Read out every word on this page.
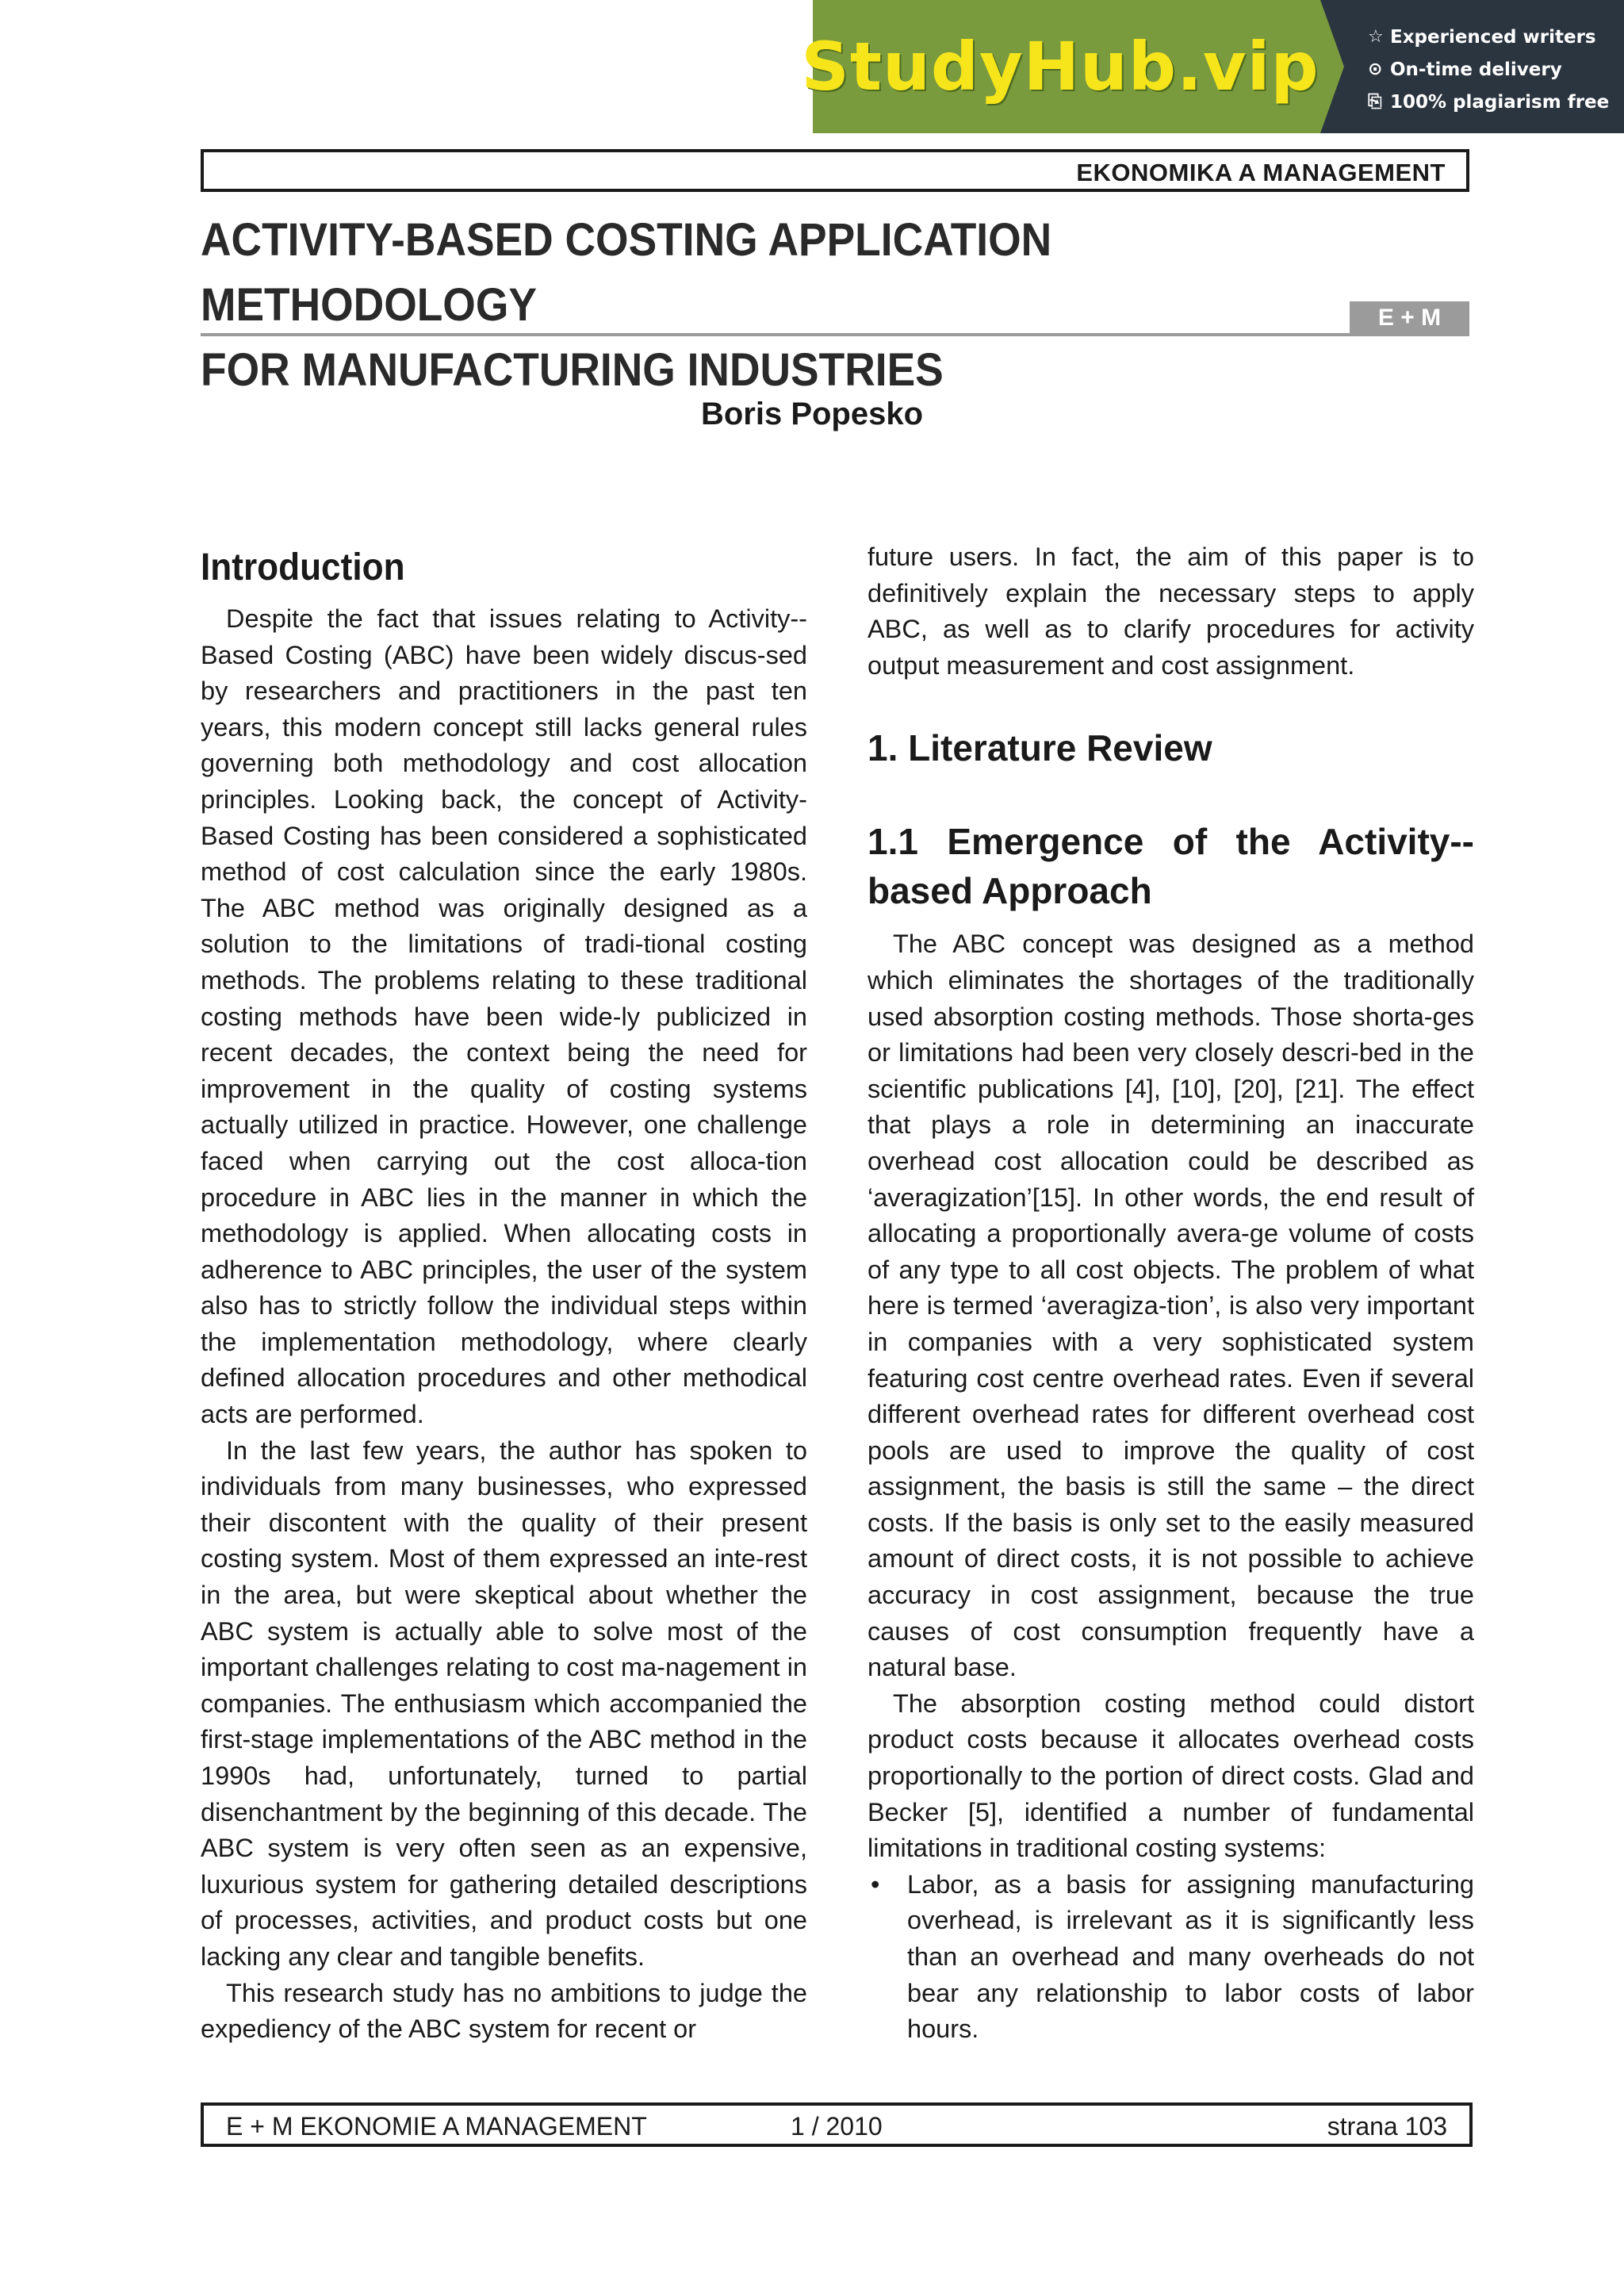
StudyHub.vip	☆ Experienced writers
⊙ On-time delivery
⎘ 100% plagiarism free
EKONOMIKA A MANAGEMENT
ACTIVITY-BASED COSTING APPLICATION METHODOLOGY
FOR MANUFACTURING INDUSTRIES
E + M
Boris Popesko
Introduction

Despite the fact that issues relating to Activity--Based Costing (ABC) have been widely discus-sed by researchers and practitioners in the past ten years, this modern concept still lacks general rules governing both methodology and cost allocation principles. Looking back, the concept of Activity-Based Costing has been considered a sophisticated method of cost calculation since the early 1980s. The ABC method was originally designed as a solution to the limitations of tradi-tional costing methods. The problems relating to these traditional costing methods have been wide-ly publicized in recent decades, the context being the need for improvement in the quality of costing systems actually utilized in practice. However, one challenge faced when carrying out the cost alloca-tion procedure in ABC lies in the manner in which the methodology is applied. When allocating costs in adherence to ABC principles, the user of the system also has to strictly follow the individual steps within the implementation methodology, where clearly defined allocation procedures and other methodical acts are performed.

In the last few years, the author has spoken to individuals from many businesses, who expressed their discontent with the quality of their present costing system. Most of them expressed an inte-rest in the area, but were skeptical about whether the ABC system is actually able to solve most of the important challenges relating to cost ma-nagement in companies. The enthusiasm which accompanied the first-stage implementations of the ABC method in the 1990s had, unfortunately, turned to partial disenchantment by the beginning of this decade. The ABC system is very often seen as an expensive, luxurious system for gathering detailed descriptions of processes, activities, and product costs but one lacking any clear and tangible benefits.

This research study has no ambitions to judge the expediency of the ABC system for recent or

future users. In fact, the aim of this paper is to definitively explain the necessary steps to apply ABC, as well as to clarify procedures for activity output measurement and cost assignment.

1. Literature Review
1.1 Emergence of the Activity--based Approach

The ABC concept was designed as a method which eliminates the shortages of the traditionally used absorption costing methods. Those shorta-ges or limitations had been very closely descri-bed in the scientific publications [4], [10], [20], [21]. The effect that plays a role in determining an inaccurate overhead cost allocation could be described as ‘averagization’[15]. In other words, the end result of allocating a proportionally avera-ge volume of costs of any type to all cost objects. The problem of what here is termed ‘averagiza-tion’, is also very important in companies with a very sophisticated system featuring cost centre overhead rates. Even if several different overhead rates for different overhead cost pools are used to improve the quality of cost assignment, the basis is still the same – the direct costs. If the basis is only set to the easily measured amount of direct costs, it is not possible to achieve accuracy in cost assignment, because the true causes of cost consumption frequently have a natural base.

The absorption costing method could distort product costs because it allocates overhead costs proportionally to the portion of direct costs. Glad and Becker [5], identified a number of fundamental limitations in traditional costing systems:

• Labor, as a basis for assigning manufacturing overhead, is irrelevant as it is significantly less than an overhead and many overheads do not bear any relationship to labor costs of labor hours.
E + M EKONOMIE A MANAGEMENT	1 / 2010	strana 103
